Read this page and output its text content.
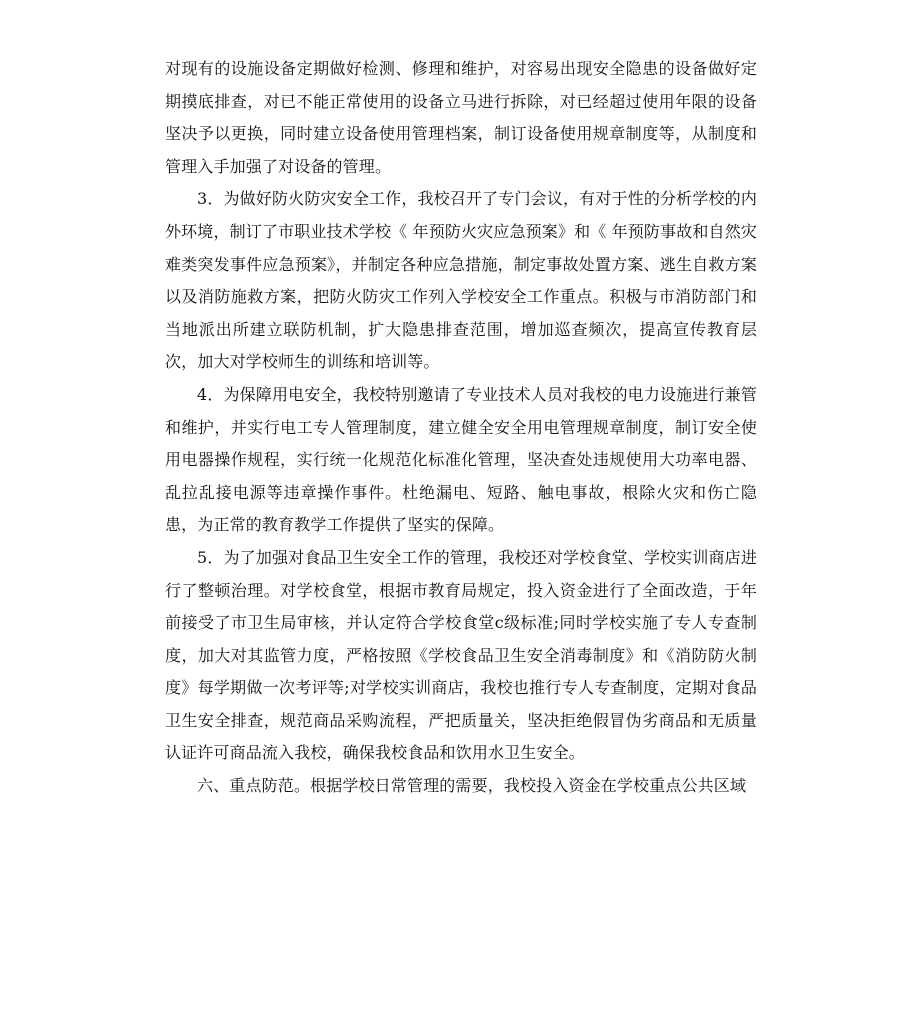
对现有的设施设备定期做好检测、修理和维护，对容易出现安全隐患的设备做好定期摸底排查，对已不能正常使用的设备立马进行拆除，对已经超过使用年限的设备坚决予以更换，同时建立设备使用管理档案，制订设备使用规章制度等，从制度和管理入手加强了对设备的管理。

3．为做好防火防灾安全工作，我校召开了专门会议，有对于性的分析学校的内外环境，制订了市职业技术学校《 年预防火灾应急预案》和《 年预防事故和自然灾难类突发事件应急预案》，并制定各种应急措施，制定事故处置方案、逃生自救方案以及消防施救方案，把防火防灾工作列入学校安全工作重点。积极与市消防部门和当地派出所建立联防机制，扩大隐患排查范围，增加巡查频次，提高宣传教育层次，加大对学校师生的训练和培训等。

4．为保障用电安全，我校特别邀请了专业技术人员对我校的电力设施进行兼管和维护，并实行电工专人管理制度，建立健全安全用电管理规章制度，制订安全使用电器操作规程，实行统一化规范化标准化管理，坚决查处违规使用大功率电器、乱拉乱接电源等违章操作事件。杜绝漏电、短路、触电事故，根除火灾和伤亡隐患，为正常的教育教学工作提供了坚实的保障。

5．为了加强对食品卫生安全工作的管理，我校还对学校食堂、学校实训商店进行了整顿治理。对学校食堂，根据市教育局规定，投入资金进行了全面改造，于年前接受了市卫生局审核，并认定符合学校食堂c级标准;同时学校实施了专人专查制度，加大对其监管力度，严格按照《学校食品卫生安全消毒制度》和《消防防火制度》每学期做一次考评等;对学校实训商店，我校也推行专人专查制度，定期对食品卫生安全排查，规范商品采购流程，严把质量关，坚决拒绝假冒伪劣商品和无质量认证许可商品流入我校，确保我校食品和饮用水卫生安全。

六、重点防范。根据学校日常管理的需要，我校投入资金在学校重点公共区域
